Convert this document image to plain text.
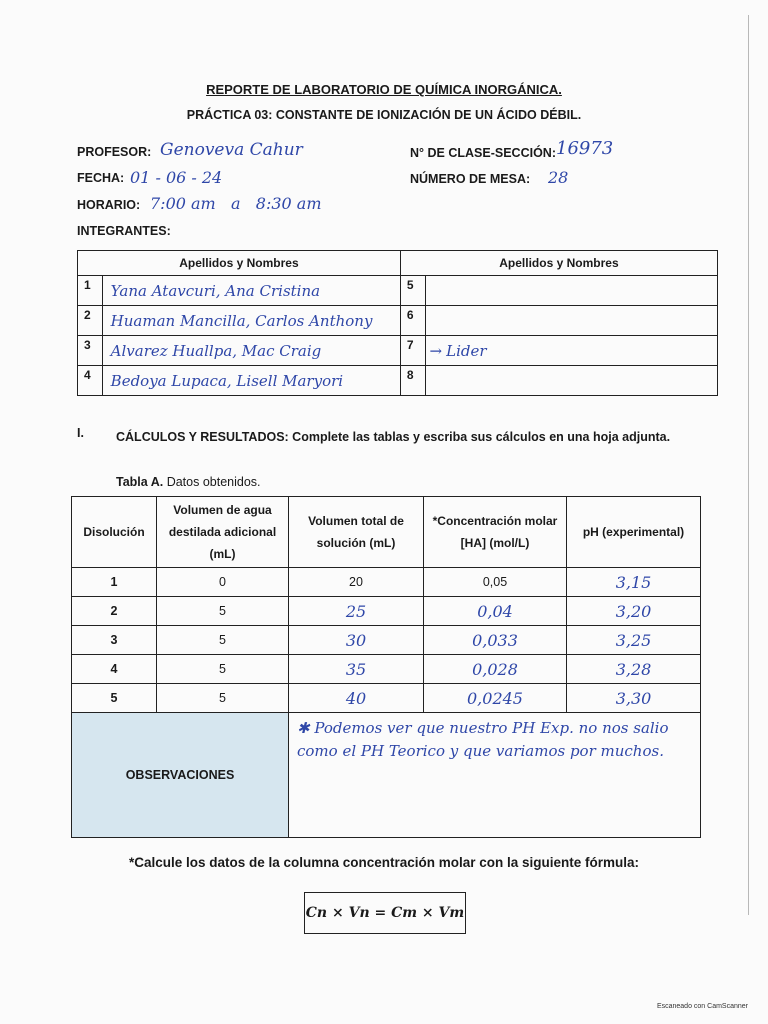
REPORTE DE LABORATORIO DE QUÍMICA INORGÁNICA.
PRÁCTICA 03: CONSTANTE DE IONIZACIÓN DE UN ÁCIDO DÉBIL.
PROFESOR: Genoveva Cahur
FECHA: 01 - 06 - 24
HORARIO: 7:00 am   a   8:30 am
N° DE CLASE-SECCIÓN: 16973
NÚMERO DE MESA: 28
INTEGRANTES:
Apellidos y Nombres		Apellidos y Nombres	
1	Yana Atavcuri, Ana Cristina	5	
2	Huaman Mancilla, Carlos Anthony	6	
3	Alvarez Huallpa, Mac Craig	7	→ Lider
4	Bedoya Lupaca, Lisell Maryori	8	
I.	CÁLCULOS Y RESULTADOS: Complete las tablas y escriba sus cálculos en una hoja adjunta.
Tabla A. Datos obtenidos.
Disolución	Volumen de agua destilada adicional (mL)	Volumen total de solución (mL)	*Concentración molar [HA] (mol/L)	pH (experimental)
1	0	20	0,05	3,15
2	5	25	0,04	3,20
3	5	30	0,033	3,25
4	5	35	0,028	3,28
5	5	40	0,0245	3,30
OBSERVACIONES		✱ Podemos ver que nuestro PH Exp. no nos salio como el PH Teorico y que variamos por muchos.		
*Calcule los datos de la columna concentración molar con la siguiente fórmula:
Cn × Vn = Cm × Vm
Escaneado con CamScanner
